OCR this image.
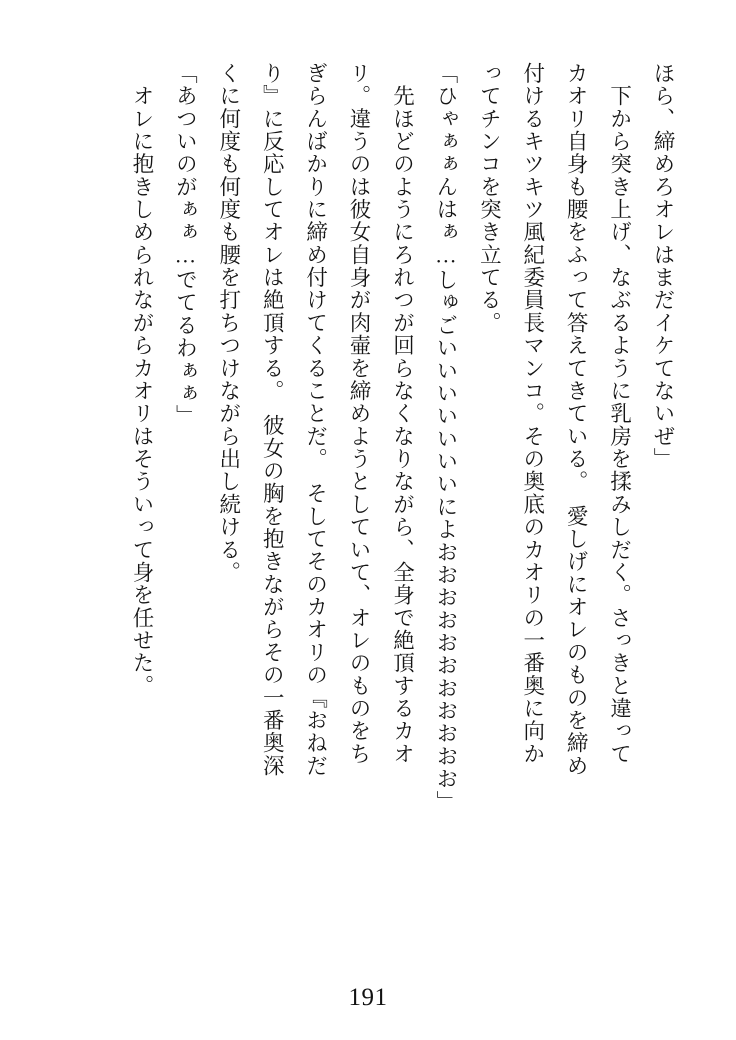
ほら、締めろオレはまだイケてないぜ」

　下から突き上げ、なぶるように乳房を揉みしだく。さっきと違って

カオリ自身も腰をふって答えてきている。　愛しげにオレのものを締め

付けるキツキツ風紀委員長マンコ。その奥底のカオリの一番奥に向か

ってチンコを突き立てる。

「ひゃぁぁんはぁ…しゅごいいいいいいいによおおおおおおおおおおお」

　先ほどのようにろれつが回らなくなりながら、全身で絶頂するカオ

リ。違うのは彼女自身が肉壷を締めようとしていて、オレのものをち

ぎらんばかりに締め付けてくることだ。　そしてそのカオリの『おねだ

り』に反応してオレは絶頂する。　彼女の胸を抱きながらその一番奥深

くに何度も何度も腰を打ちつけながら出し続ける。

「あついのがぁぁ…でてるわぁぁ」

　オレに抱きしめられながらカオリはそういって身を任せた。

191
